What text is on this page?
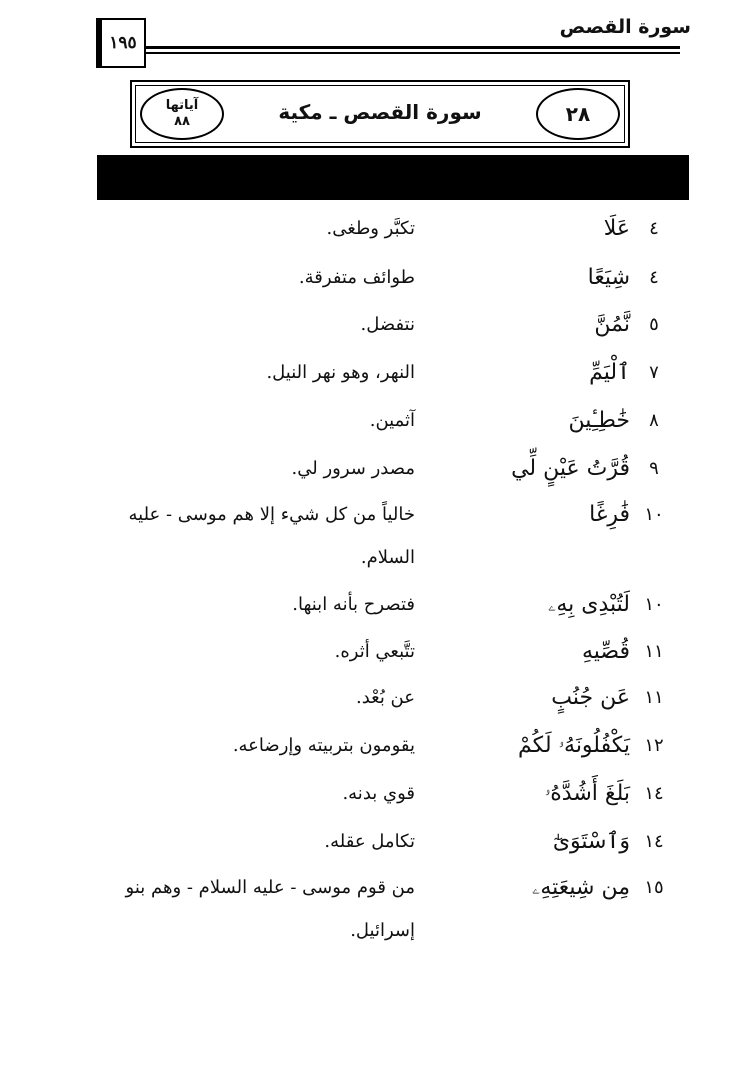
سورة القصص
١٩٥
آياتها
٨٨	سورة القصص ـ مكية	٢٨
٤
عَلَا
تكبَّر وطغى.
٤
شِيَعًا
طوائف متفرقة.
٥
نَّمُنَّ
نتفضل.
٧
ٱلْيَمِّ
النهر، وهو نهر النيل.
٨
خَٰطِـِٔينَ
آثمين.
٩
قُرَّتُ عَيْنٍ لِّي
مصدر سرور لي.
١٠
فَٰرِغًا
خالياً من كل شيء إلا هم موسى - عليه السلام.
١٠
لَتُبْدِى بِهِۦ
فتصرح بأنه ابنها.
١١
قُصِّيهِ
تتَّبعي أثره.
١١
عَن جُنُبٍ
عن بُعْد.
١٢
يَكْفُلُونَهُۥ لَكُمْ
يقومون بتربيته وإرضاعه.
١٤
بَلَغَ أَشُدَّهُۥ
قوي بدنه.
١٤
وَٱسْتَوَىٰٓ
تكامل عقله.
١٥
مِن شِيعَتِهِۦ
من قوم موسى - عليه السلام - وهم بنو إسرائيل.
